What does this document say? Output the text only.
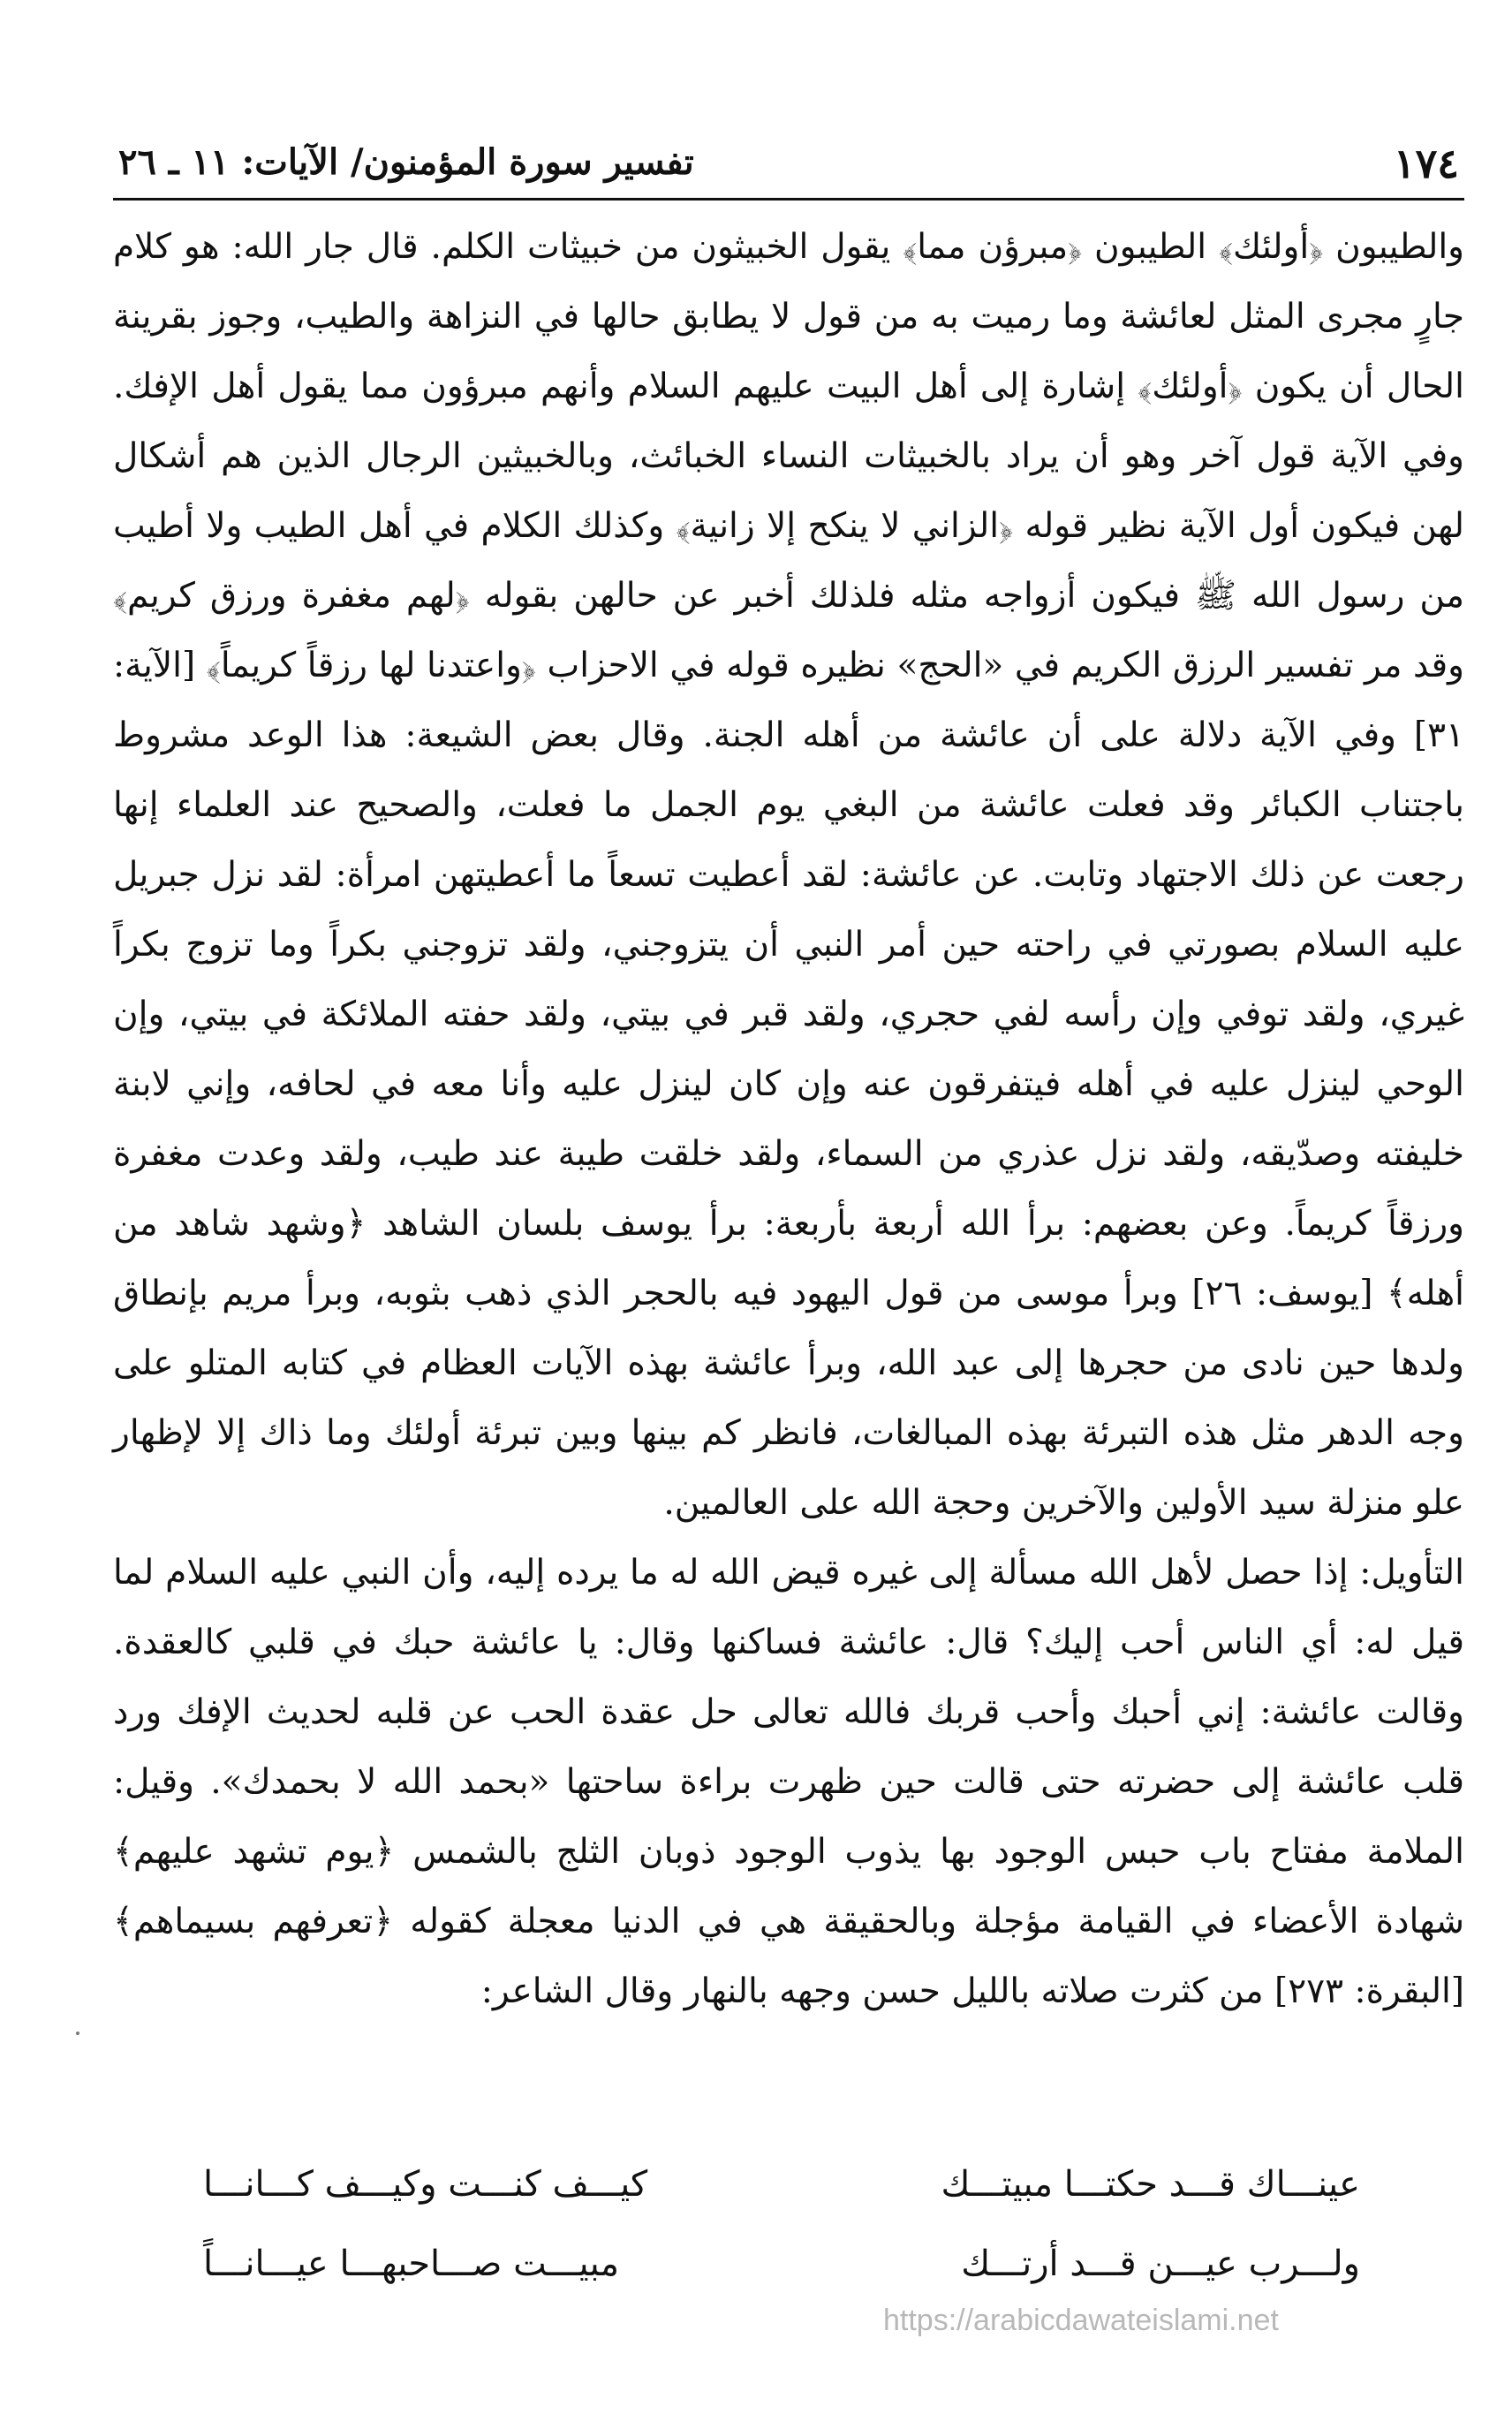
١٧٤
تفسير سورة المؤمنون/ الآيات: ١١ ـ ٢٦

والطيبون ﴿أولئك﴾ الطيبون ﴿مبرؤن مما﴾ يقول الخبيثون من خبيثات الكلم. قال جار الله: هو كلام جارٍ مجرى المثل لعائشة وما رميت به من قول لا يطابق حالها في النزاهة والطيب، وجوز بقرينة الحال أن يكون ﴿أولئك﴾ إشارة إلى أهل البيت عليهم السلام وأنهم مبرؤون مما يقول أهل الإفك. وفي الآية قول آخر وهو أن يراد بالخبيثات النساء الخبائث، وبالخبيثين الرجال الذين هم أشكال لهن فيكون أول الآية نظير قوله ﴿الزاني لا ينكح إلا زانية﴾ وكذلك الكلام في أهل الطيب ولا أطيب من رسول الله ﷺ فيكون أزواجه مثله فلذلك أخبر عن حالهن بقوله ﴿لهم مغفرة ورزق كريم﴾ وقد مر تفسير الرزق الكريم في «الحج» نظيره قوله في الاحزاب ﴿واعتدنا لها رزقاً كريماً﴾ [الآية: ٣١] وفي الآية دلالة على أن عائشة من أهله الجنة. وقال بعض الشيعة: هذا الوعد مشروط باجتناب الكبائر وقد فعلت عائشة من البغي يوم الجمل ما فعلت، والصحيح عند العلماء إنها رجعت عن ذلك الاجتهاد وتابت. عن عائشة: لقد أعطيت تسعاً ما أعطيتهن امرأة: لقد نزل جبريل عليه السلام بصورتي في راحته حين أمر النبي أن يتزوجني، ولقد تزوجني بكراً وما تزوج بكراً غيري، ولقد توفي وإن رأسه لفي حجري، ولقد قبر في بيتي، ولقد حفته الملائكة في بيتي، وإن الوحي لينزل عليه في أهله فيتفرقون عنه وإن كان لينزل عليه وأنا معه في لحافه، وإني لابنة خليفته وصدّيقه، ولقد نزل عذري من السماء، ولقد خلقت طيبة عند طيب، ولقد وعدت مغفرة ورزقاً كريماً. وعن بعضهم: برأ الله أربعة بأربعة: برأ يوسف بلسان الشاهد ﴿وشهد شاهد من أهله﴾ [يوسف: ٢٦] وبرأ موسى من قول اليهود فيه بالحجر الذي ذهب بثوبه، وبرأ مريم بإنطاق ولدها حين نادى من حجرها إلى عبد الله، وبرأ عائشة بهذه الآيات العظام في كتابه المتلو على وجه الدهر مثل هذه التبرئة بهذه المبالغات، فانظر كم بينها وبين تبرئة أولئك وما ذاك إلا لإظهار علو منزلة سيد الأولين والآخرين وحجة الله على العالمين.

التأويل: إذا حصل لأهل الله مسألة إلى غيره قيض الله له ما يرده إليه، وأن النبي عليه السلام لما قيل له: أي الناس أحب إليك؟ قال: عائشة فساكنها وقال: يا عائشة حبك في قلبي كالعقدة. وقالت عائشة: إني أحبك وأحب قربك فالله تعالى حل عقدة الحب عن قلبه لحديث الإفك ورد قلب عائشة إلى حضرته حتى قالت حين ظهرت براءة ساحتها «بحمد الله لا بحمدك». وقيل: الملامة مفتاح باب حبس الوجود بها يذوب الوجود ذوبان الثلج بالشمس ﴿يوم تشهد عليهم﴾ شهادة الأعضاء في القيامة مؤجلة وبالحقيقة هي في الدنيا معجلة كقوله ﴿تعرفهم بسيماهم﴾ [البقرة: ٢٧٣] من كثرت صلاته بالليل حسن وجهه بالنهار وقال الشاعر:

عينـــاك قـــد حكتـــا مبيتـــك
كيـــف كنـــت وكيـــف كـــانـــا
ولـــرب عيـــن قـــد أرتـــك
مبيـــت صـــاحبهـــا عيـــانـــاً
https://arabicdawateislami.net
